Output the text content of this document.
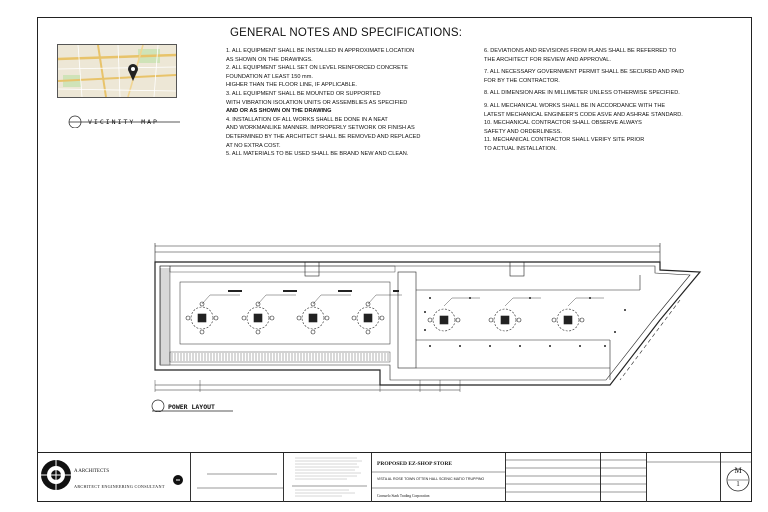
GENERAL NOTES AND SPECIFICATIONS:
1. ALL EQUIPMENT SHALL BE INSTALLED IN APPROXIMATE LOCATION
AS SHOWN ON THE DRAWINGS.
2. ALL EQUIPMENT SHALL SET ON LEVEL REINFORCED CONCRETE
FOUNDATION AT LEAST 150 mm.
HIGHER THAN THE FLOOR LINE, IF APPLICABLE.
3. ALL EQUIPMENT SHALL BE MOUNTED OR SUPPORTED
WITH VIBRATION ISOLATION UNITS OR ASSEMBLIES AS SPECIFIED
AND OR AS SHOWN ON THE DRAWING
4. INSTALLATION OF ALL WORKS SHALL BE DONE IN A NEAT
AND WORKMANLIKE MANNER. IMPROPERLY SETWORK OR FINISH AS
DETERMINED BY THE ARCHITECT SHALL BE REMOVED AND REPLACED
AT NO EXTRA COST.
5. ALL MATERIALS TO BE USED SHALL BE BRAND NEW AND CLEAN.
6. DEVIATIONS AND REVISIONS FROM PLANS SHALL BE REFERRED TO
THE ARCHITECT FOR REVIEW AND APPROVAL.
7. ALL NECESSARY GOVERNMENT PERMIT SHALL BE SECURED AND PAID
FOR BY THE CONTRACTOR.
8. ALL DIMENSION ARE IN MILLIMETER UNLESS OTHERWISE SPECIFIED.
9. ALL MECHANICAL WORKS SHALL BE IN ACCORDANCE WITH THE
LATEST MECHANICAL ENGINEER'S CODE ASVE AND ASHRAE STANDARD.
10. MECHANICAL CONTRACTOR SHALL OBSERVE ALWAYS
SAFETY AND ORDERLINESS.
11. MECHANICAL CONTRACTOR SHALL VERIFY SITE PRIOR
TO ACTUAL INSTALLATION.
VICINITY MAP
POWER LAYOUT
A ARCHITECTS
ARCHITECT ENGINEERING CONSULTANT
PROPOSED EZ-SHOP STORE
VISTA AL ROSE TOWN OTTEN HALL SCENIC MATIO TRUPPINO
Consuelo Stark Trading Corporation
M
1
